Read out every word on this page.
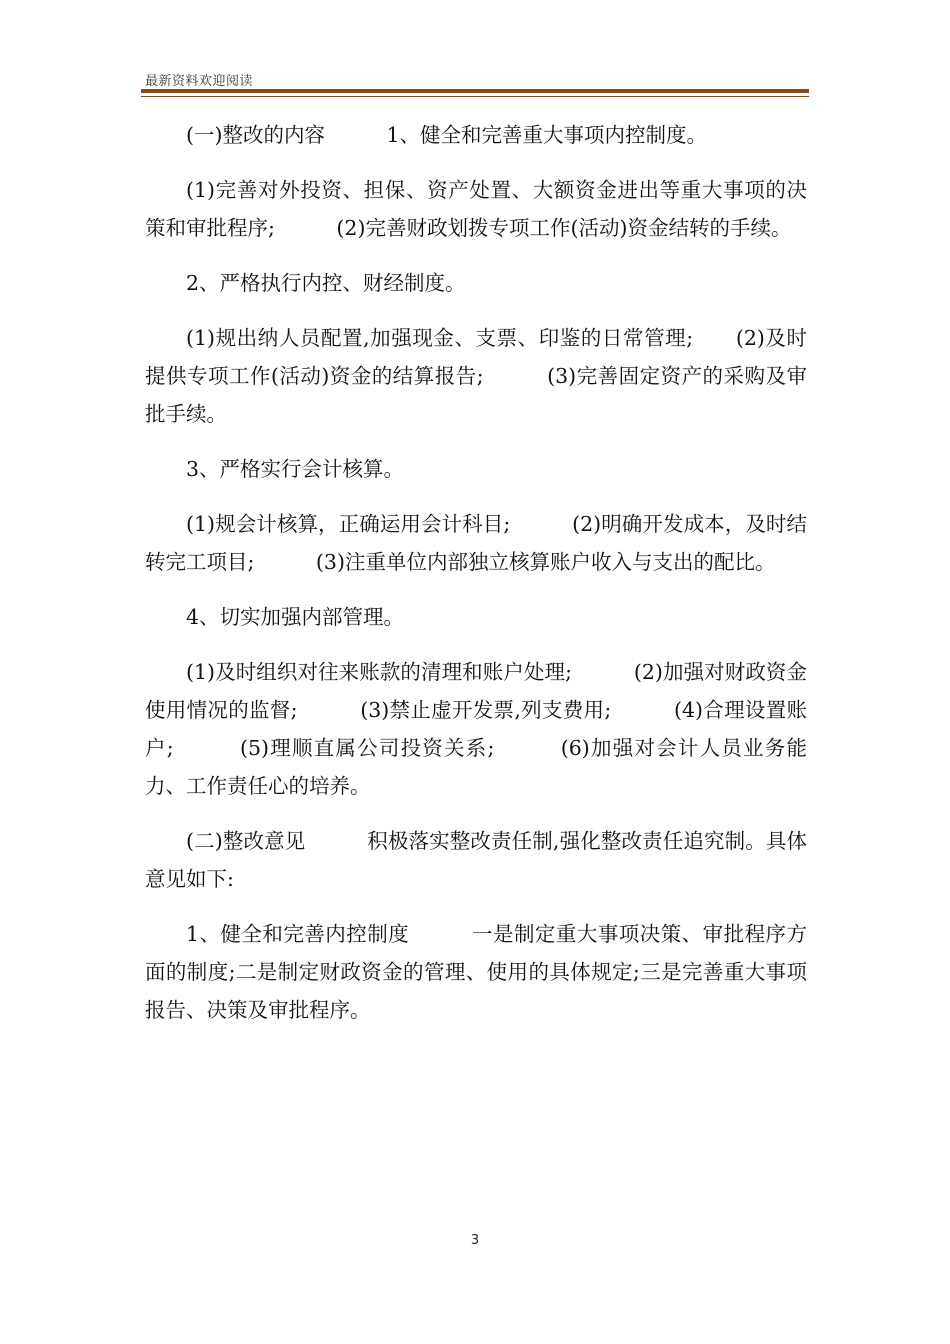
最新资料欢迎阅读

(一)整改的内容　　　1、健全和完善重大事项内控制度。

(1)完善对外投资、担保、资产处置、大额资金进出等重大事项的决策和审批程序;　　　(2)完善财政划拨专项工作(活动)资金结转的手续。

2、严格执行内控、财经制度。

(1)规出纳人员配置,加强现金、支票、印鉴的日常管理;　　(2)及时提供专项工作(活动)资金的结算报告;　　　(3)完善固定资产的采购及审批手续。

3、严格实行会计核算。

(1)规会计核算，正确运用会计科目;　　　(2)明确开发成本，及时结转完工项目;　　　(3)注重单位内部独立核算账户收入与支出的配比。

4、切实加强内部管理。

(1)及时组织对往来账款的清理和账户处理;　　　(2)加强对财政资金使用情况的监督;　　　(3)禁止虚开发票,列支费用;　　　(4)合理设置账户;　　　(5)理顺直属公司投资关系;　　　(6)加强对会计人员业务能力、工作责任心的培养。

(二)整改意见　　　积极落实整改责任制,强化整改责任追究制。具体意见如下:

1、健全和完善内控制度　　　一是制定重大事项决策、审批程序方面的制度;二是制定财政资金的管理、使用的具体规定;三是完善重大事项报告、决策及审批程序。

3
